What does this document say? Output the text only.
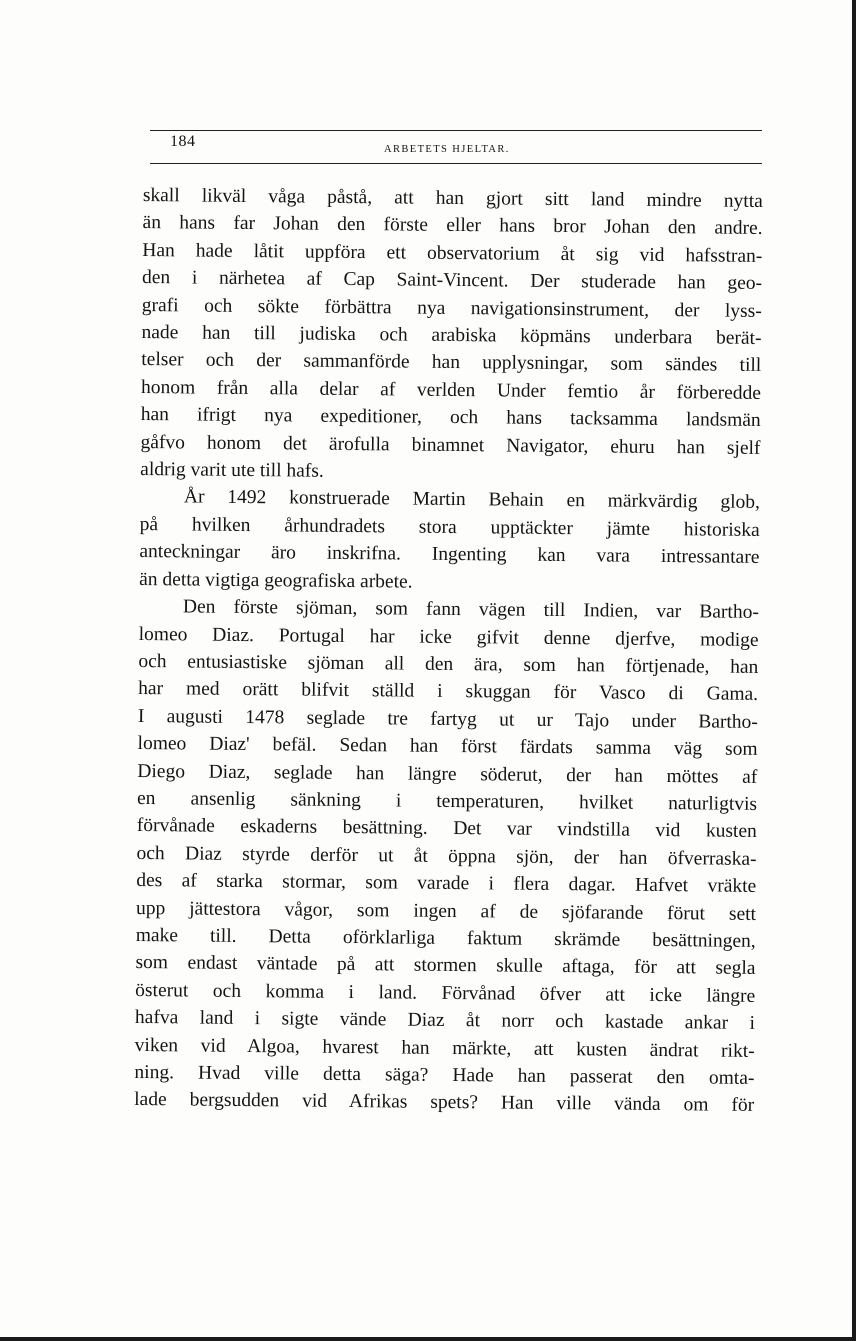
184	ARBETETS HJELTAR.

skall likväl våga påstå, att han gjort sitt land mindre nytta

än hans far Johan den förste eller hans bror Johan den andre.

Han hade låtit uppföra ett observatorium åt sig vid hafsstran-

den i närhetea af Cap Saint-Vincent. Der studerade han geo-

grafi och sökte förbättra nya navigationsinstrument, der lyss-

nade han till judiska och arabiska köpmäns underbara berät-

telser och der sammanförde han upplysningar, som sändes till

honom från alla delar af verlden Under femtio år förberedde

han ifrigt nya expeditioner, och hans tacksamma landsmän

gåfvo honom det ärofulla binamnet Navigator, ehuru han sjelf

aldrig varit ute till hafs.

År 1492 konstruerade Martin Behain en märkvärdig glob,

på hvilken århundradets stora upptäckter jämte historiska

anteckningar äro inskrifna. Ingenting kan vara intressantare

än detta vigtiga geografiska arbete.

Den förste sjöman, som fann vägen till Indien, var Bartho-

lomeo Diaz. Portugal har icke gifvit denne djerfve, modige

och entusiastiske sjöman all den ära, som han förtjenade, han

har med orätt blifvit ställd i skuggan för Vasco di Gama.

I augusti 1478 seglade tre fartyg ut ur Tajo under Bartho-

lomeo Diaz' befäl. Sedan han först färdats samma väg som

Diego Diaz, seglade han längre söderut, der han möttes af

en ansenlig sänkning i temperaturen, hvilket naturligtvis

förvånade eskaderns besättning. Det var vindstilla vid kusten

och Diaz styrde derför ut åt öppna sjön, der han öfverraska-

des af starka stormar, som varade i flera dagar. Hafvet vräkte

upp jättestora vågor, som ingen af de sjöfarande förut sett

make till. Detta oförklarliga faktum skrämde besättningen,

som endast väntade på att stormen skulle aftaga, för att segla

österut och komma i land. Förvånad öfver att icke längre

hafva land i sigte vände Diaz åt norr och kastade ankar i

viken vid Algoa, hvarest han märkte, att kusten ändrat rikt-

ning. Hvad ville detta säga? Hade han passerat den omta-

lade bergsudden vid Afrikas spets? Han ville vända om för
